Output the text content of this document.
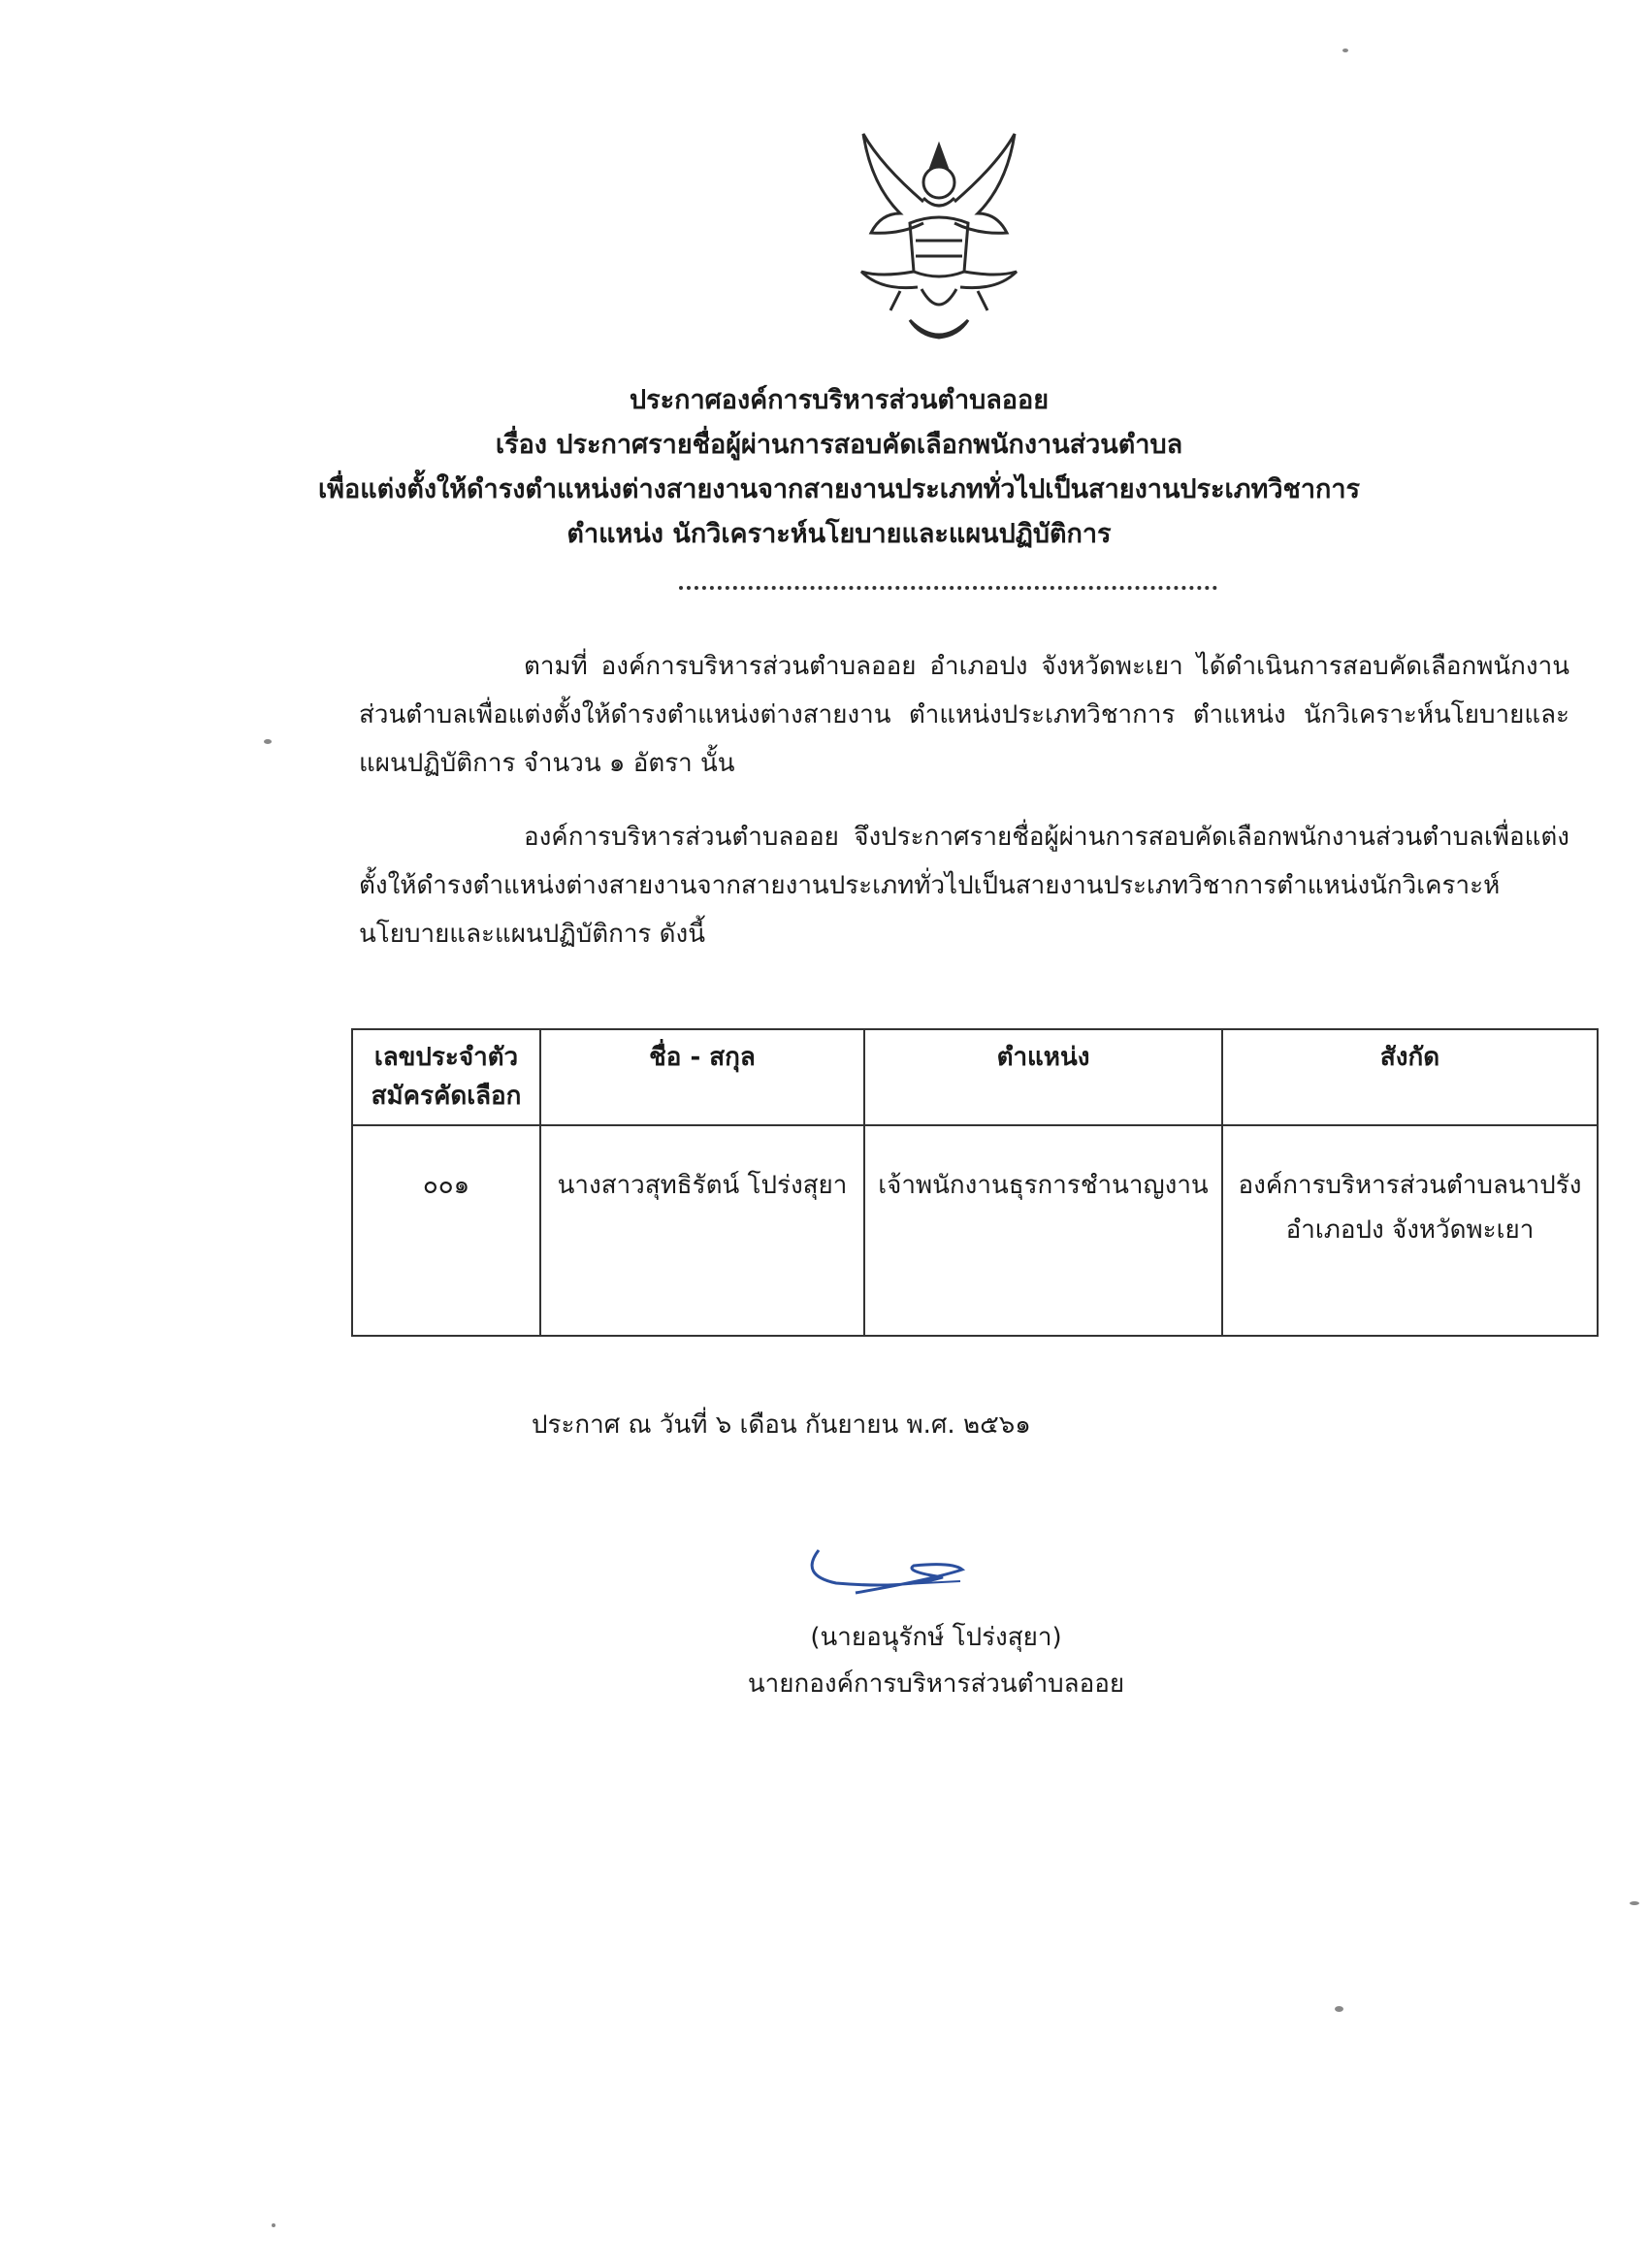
ประกาศองค์การบริหารส่วนตำบลออย
เรื่อง ประกาศรายชื่อผู้ผ่านการสอบคัดเลือกพนักงานส่วนตำบล
เพื่อแต่งตั้งให้ดำรงตำแหน่งต่างสายงานจากสายงานประเภททั่วไปเป็นสายงานประเภทวิชาการ
ตำแหน่ง นักวิเคราะห์นโยบายและแผนปฏิบัติการ
ตามที่ องค์การบริหารส่วนตำบลออย อำเภอปง จังหวัดพะเยา ได้ดำเนินการสอบคัดเลือกพนักงานส่วนตำบลเพื่อแต่งตั้งให้ดำรงตำแหน่งต่างสายงาน ตำแหน่งประเภทวิชาการ ตำแหน่ง นักวิเคราะห์นโยบายและแผนปฏิบัติการ จำนวน ๑ อัตรา นั้น
องค์การบริหารส่วนตำบลออย จึงประกาศรายชื่อผู้ผ่านการสอบคัดเลือกพนักงานส่วนตำบลเพื่อแต่งตั้งให้ดำรงตำแหน่งต่างสายงานจากสายงานประเภททั่วไปเป็นสายงานประเภทวิชาการตำแหน่งนักวิเคราะห์นโยบายและแผนปฏิบัติการ ดังนี้
เลขประจำตัว
สมัครคัดเลือก	ชื่อ - สกุล	ตำแหน่ง	สังกัด
๐๐๑	นางสาวสุทธิรัตน์ โปร่งสุยา	เจ้าพนักงานธุรการชำนาญงาน	องค์การบริหารส่วนตำบลนาปรัง
อำเภอปง จังหวัดพะเยา
ประกาศ ณ วันที่ ๖ เดือน กันยายน พ.ศ. ๒๕๖๑
(นายอนุรักษ์ โปร่งสุยา)
นายกองค์การบริหารส่วนตำบลออย
